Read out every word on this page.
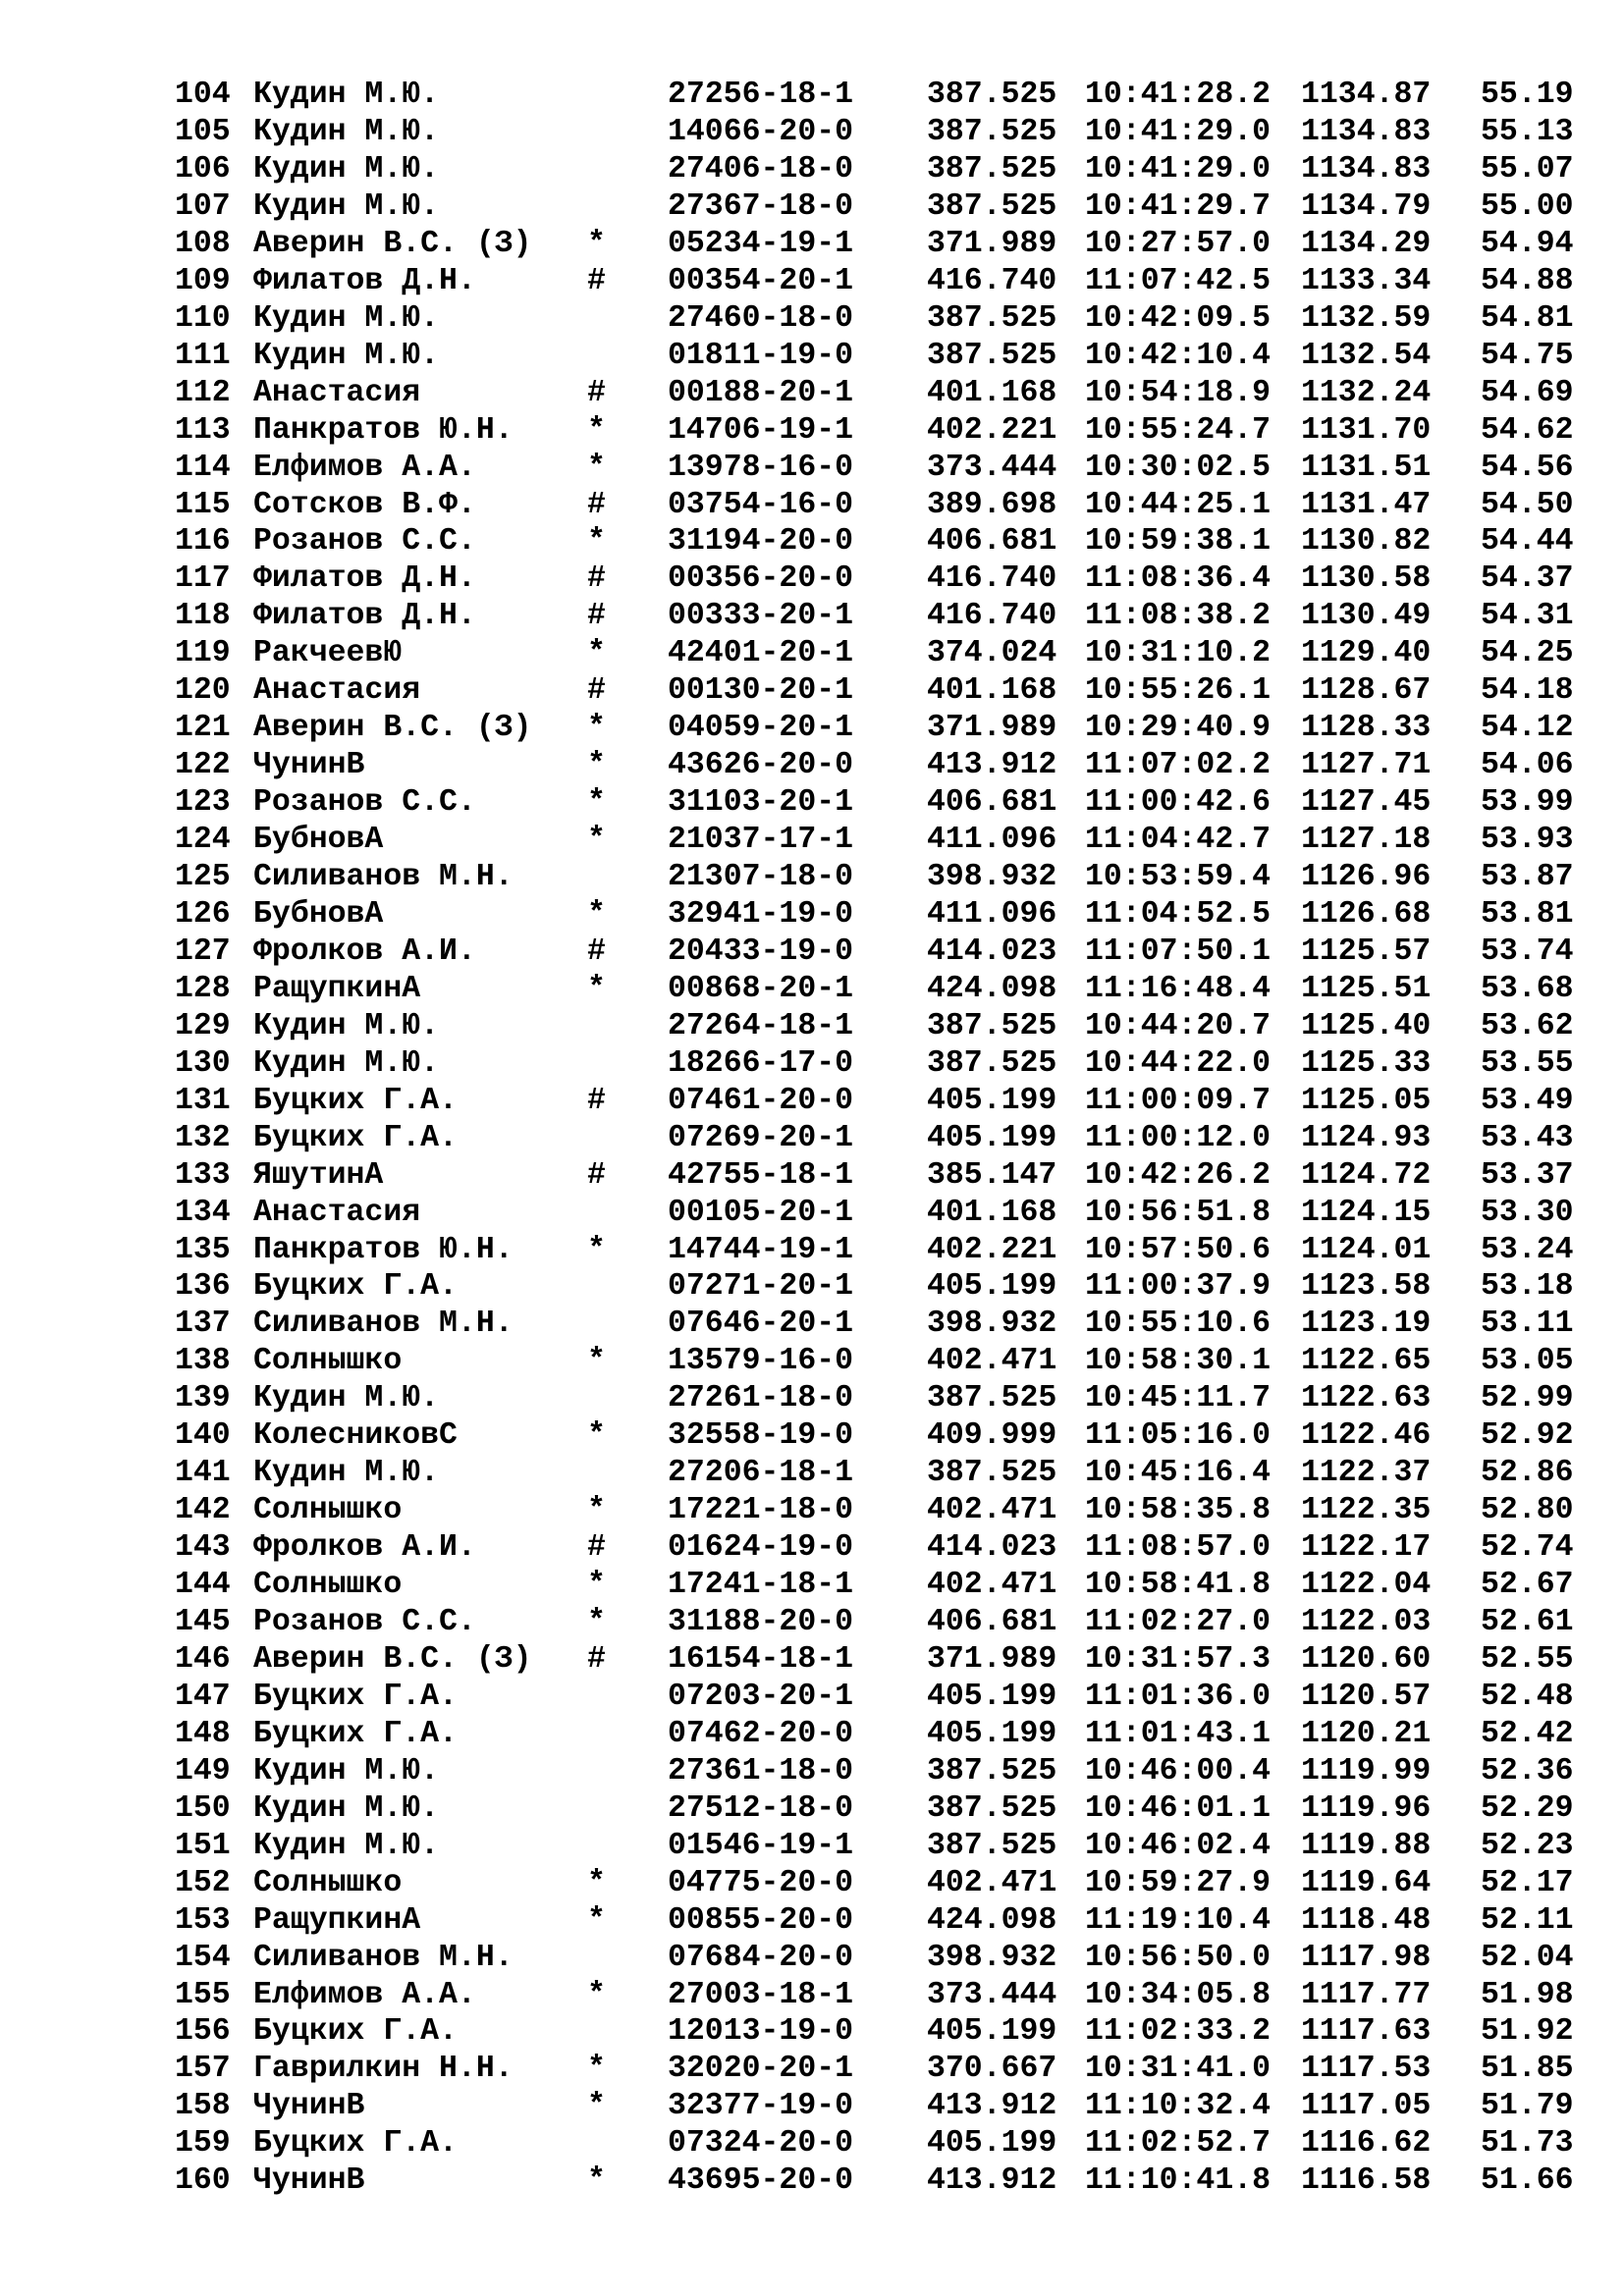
104 Кудин М.Ю.	27256-18-1 387.525 10:41:28.2 1134.87 55.19
105 Кудин М.Ю.	14066-20-0 387.525 10:41:29.0 1134.83 55.13
106 Кудин М.Ю.	27406-18-0 387.525 10:41:29.0 1134.83 55.07
107 Кудин М.Ю.	27367-18-0 387.525 10:41:29.7 1134.79 55.00
108 Аверин В.С. (З) * 05234-19-1 371.989 10:27:57.0 1134.29 54.94
109 Филатов Д.Н.	# 00354-20-1 416.740 11:07:42.5 1133.34 54.88
110 Кудин М.Ю.	27460-18-0 387.525 10:42:09.5 1132.59 54.81
111 Кудин М.Ю.	01811-19-0 387.525 10:42:10.4 1132.54 54.75
112 Анастасия	# 00188-20-1 401.168 10:54:18.9 1132.24 54.69
113 Панкратов Ю.Н. * 14706-19-1 402.221 10:55:24.7 1131.70 54.62
114 Елфимов А.А.	* 13978-16-0 373.444 10:30:02.5 1131.51 54.56
115 Сотсков В.Ф.	# 03754-16-0 389.698 10:44:25.1 1131.47 54.50
116 Розанов С.С.	* 31194-20-0 406.681 10:59:38.1 1130.82 54.44
117 Филатов Д.Н.	# 00356-20-0 416.740 11:08:36.4 1130.58 54.37
118 Филатов Д.Н.	# 00333-20-1 416.740 11:08:38.2 1130.49 54.31
119 РакчеевЮ	* 42401-20-1 374.024 10:31:10.2 1129.40 54.25
120 Анастасия	# 00130-20-1 401.168 10:55:26.1 1128.67 54.18
121 Аверин В.С. (З) * 04059-20-1 371.989 10:29:40.9 1128.33 54.12
122 ЧунинВ	* 43626-20-0 413.912 11:07:02.2 1127.71 54.06
123 Розанов С.С.	* 31103-20-1 406.681 11:00:42.6 1127.45 53.99
124 БубновА	* 21037-17-1 411.096 11:04:42.7 1127.18 53.93
125 Силиванов М.Н.	21307-18-0 398.932 10:53:59.4 1126.96 53.87
126 БубновА	* 32941-19-0 411.096 11:04:52.5 1126.68 53.81
127 Фролков А.И.	# 20433-19-0 414.023 11:07:50.1 1125.57 53.74
128 РащупкинА	* 00868-20-1 424.098 11:16:48.4 1125.51 53.68
129 Кудин М.Ю.	27264-18-1 387.525 10:44:20.7 1125.40 53.62
130 Кудин М.Ю.	18266-17-0 387.525 10:44:22.0 1125.33 53.55
131 Буцких Г.А.	# 07461-20-0 405.199 11:00:09.7 1125.05 53.49
132 Буцких Г.А.	07269-20-1 405.199 11:00:12.0 1124.93 53.43
133 ЯшутинА	# 42755-18-1 385.147 10:42:26.2 1124.72 53.37
134 Анастасия	00105-20-1 401.168 10:56:51.8 1124.15 53.30
135 Панкратов Ю.Н. * 14744-19-1 402.221 10:57:50.6 1124.01 53.24
136 Буцких Г.А.	07271-20-1 405.199 11:00:37.9 1123.58 53.18
137 Силиванов М.Н.	07646-20-1 398.932 10:55:10.6 1123.19 53.11
138 Солнышко	* 13579-16-0 402.471 10:58:30.1 1122.65 53.05
139 Кудин М.Ю.	27261-18-0 387.525 10:45:11.7 1122.63 52.99
140 КолесниковС	* 32558-19-0 409.999 11:05:16.0 1122.46 52.92
141 Кудин М.Ю.	27206-18-1 387.525 10:45:16.4 1122.37 52.86
142 Солнышко	* 17221-18-0 402.471 10:58:35.8 1122.35 52.80
143 Фролков А.И.	# 01624-19-0 414.023 11:08:57.0 1122.17 52.74
144 Солнышко	* 17241-18-1 402.471 10:58:41.8 1122.04 52.67
145 Розанов С.С.	* 31188-20-0 406.681 11:02:27.0 1122.03 52.61
146 Аверин В.С. (З) # 16154-18-1 371.989 10:31:57.3 1120.60 52.55
147 Буцких Г.А.	07203-20-1 405.199 11:01:36.0 1120.57 52.48
148 Буцких Г.А.	07462-20-0 405.199 11:01:43.1 1120.21 52.42
149 Кудин М.Ю.	27361-18-0 387.525 10:46:00.4 1119.99 52.36
150 Кудин М.Ю.	27512-18-0 387.525 10:46:01.1 1119.96 52.29
151 Кудин М.Ю.	01546-19-1 387.525 10:46:02.4 1119.88 52.23
152 Солнышко	* 04775-20-0 402.471 10:59:27.9 1119.64 52.17
153 РащупкинА	* 00855-20-0 424.098 11:19:10.4 1118.48 52.11
154 Силиванов М.Н.	07684-20-0 398.932 10:56:50.0 1117.98 52.04
155 Елфимов А.А.	* 27003-18-1 373.444 10:34:05.8 1117.77 51.98
156 Буцких Г.А.	12013-19-0 405.199 11:02:33.2 1117.63 51.92
157 Гаврилкин Н.Н. * 32020-20-1 370.667 10:31:41.0 1117.53 51.85
158 ЧунинВ	* 32377-19-0 413.912 11:10:32.4 1117.05 51.79
159 Буцких Г.А.	07324-20-0 405.199 11:02:52.7 1116.62 51.73
160 ЧунинВ	* 43695-20-0 413.912 11:10:41.8 1116.58 51.66
